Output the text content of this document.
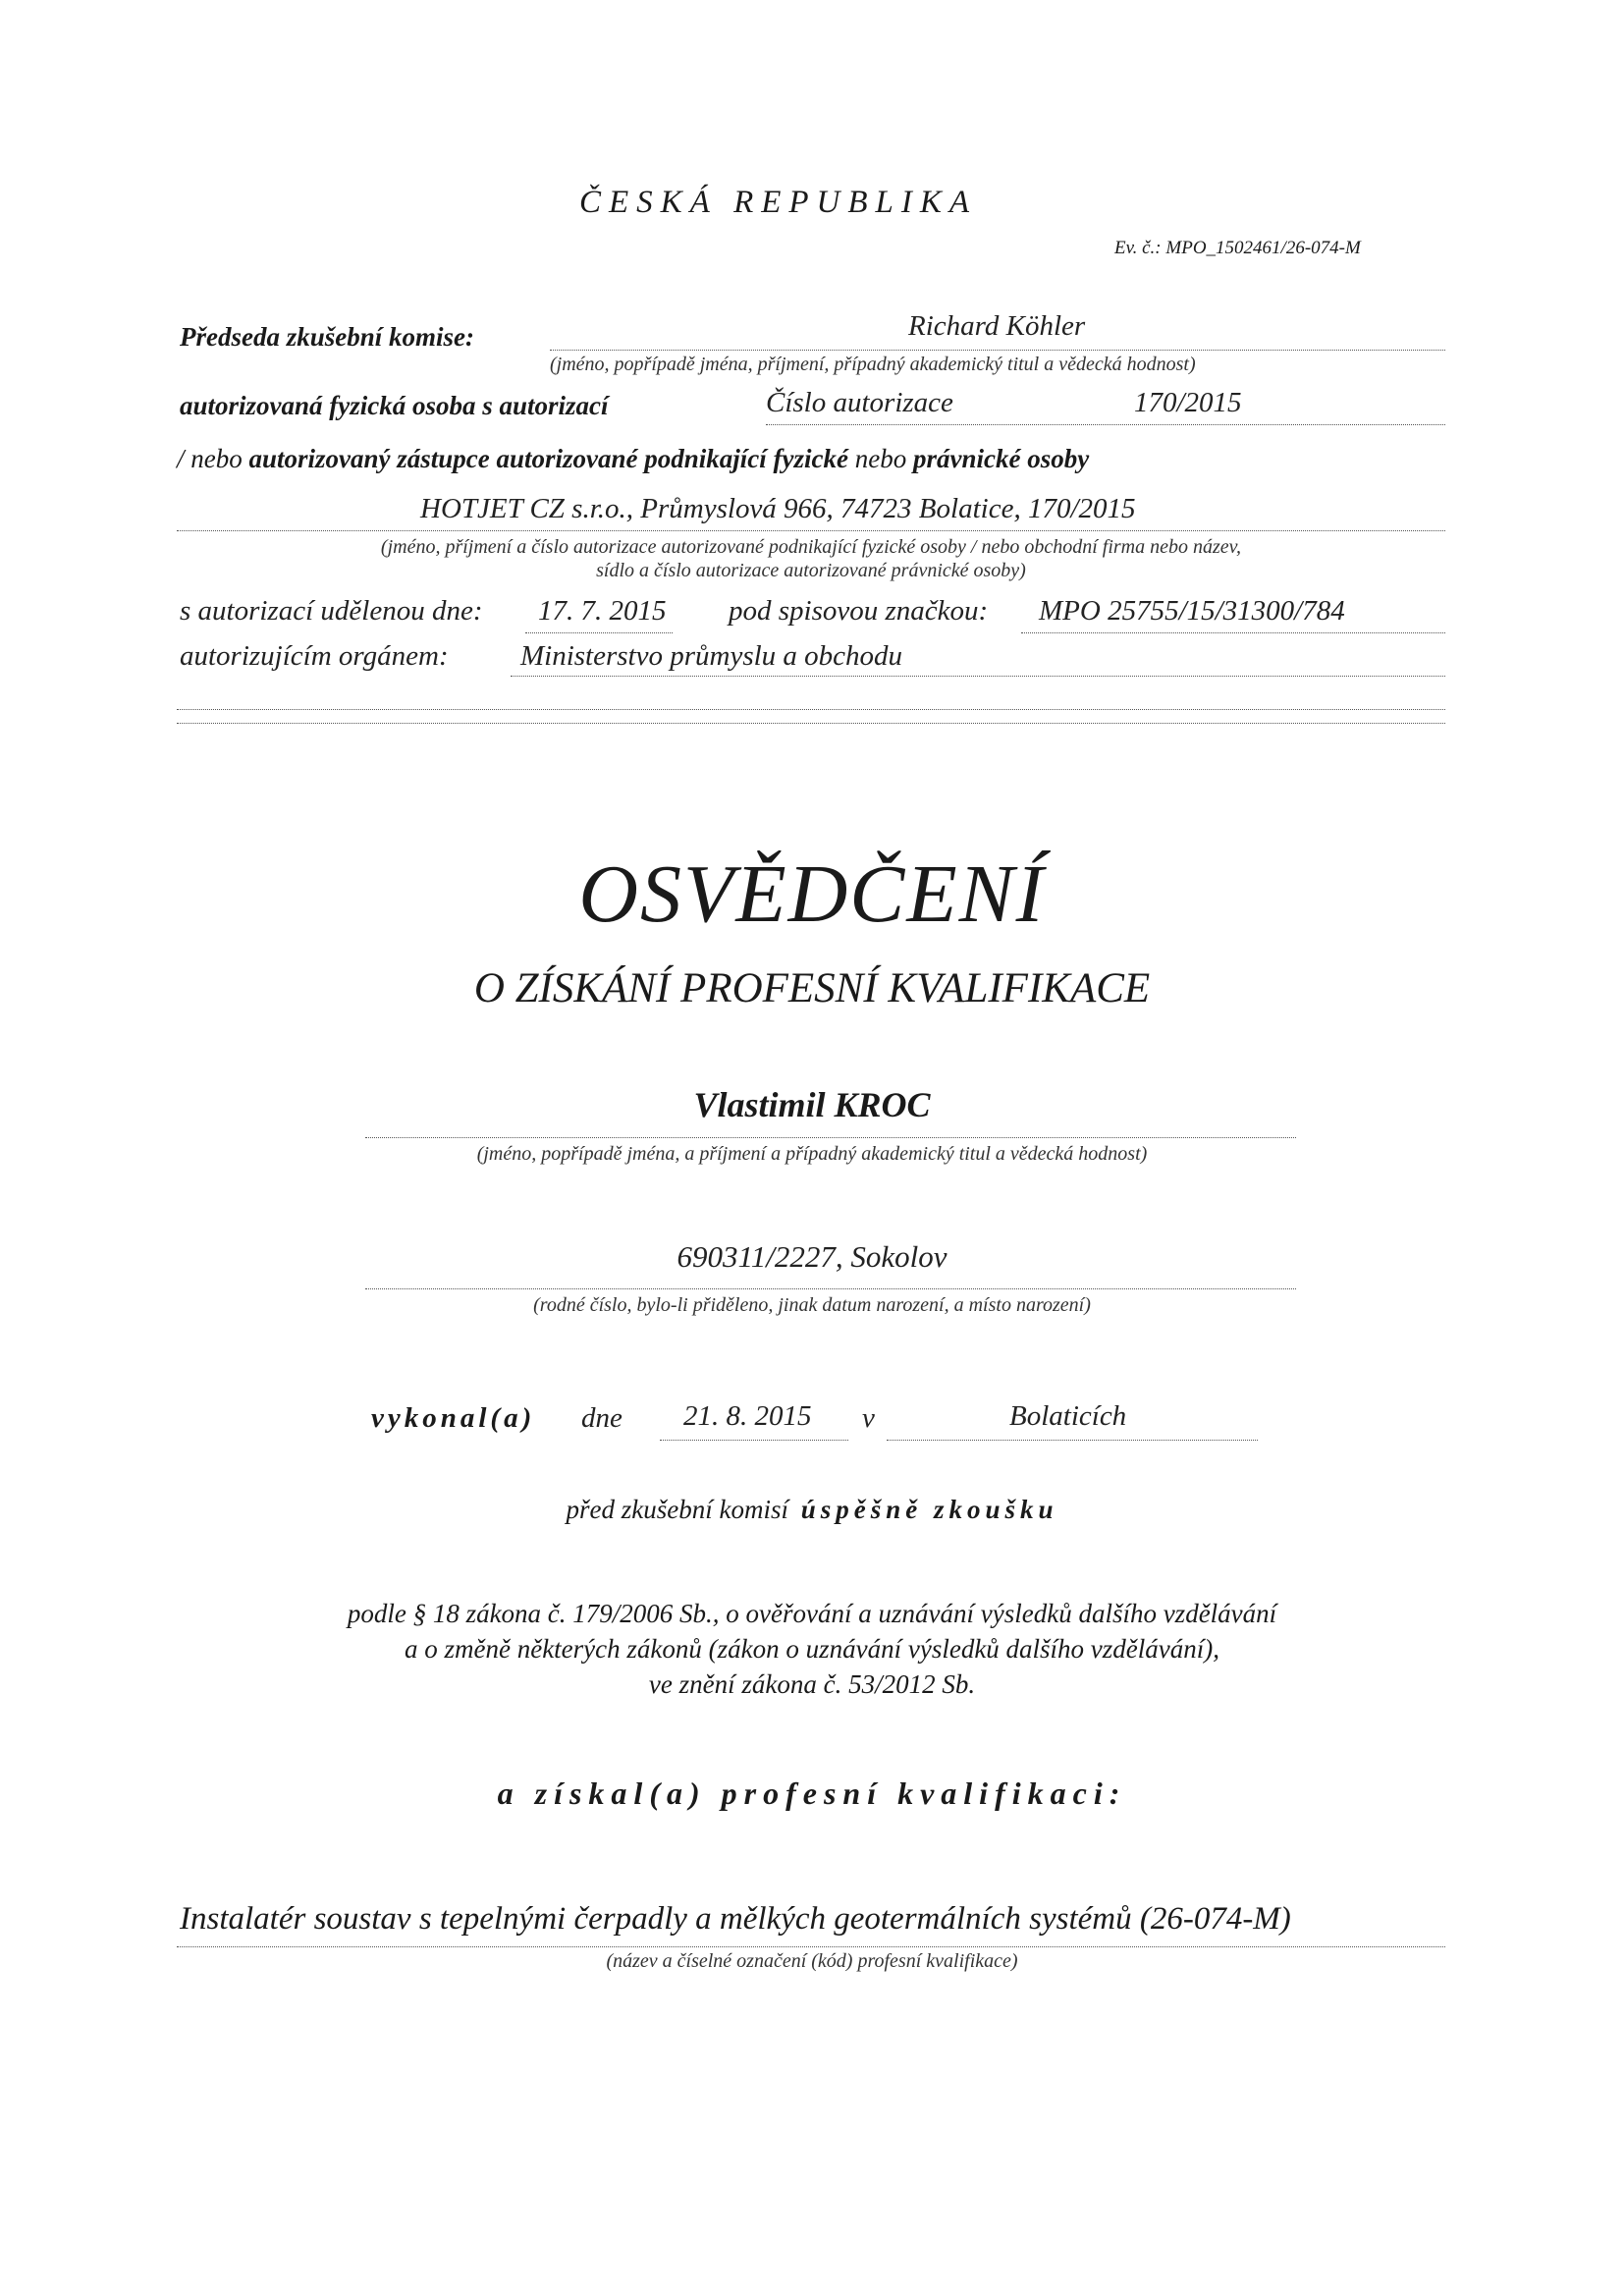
ČESKÁ REPUBLIKA
Ev. č.: MPO_1502461/26-074-M
Předseda zkušební komise:	Richard Köhler
(jméno, popřípadě jména, příjmení, případný akademický titul a vědecká hodnost)
autorizovaná fyzická osoba s autorizací	Číslo autorizace	170/2015
/ nebo autorizovaný zástupce autorizované podnikající fyzické nebo právnické osoby
HOTJET CZ s.r.o., Průmyslová 966, 74723 Bolatice, 170/2015
(jméno, příjmení a číslo autorizace autorizované podnikající fyzické osoby / nebo obchodní firma nebo název,
sídlo a číslo autorizace autorizované právnické osoby)
s autorizací udělenou dne: 17. 7. 2015 pod spisovou značkou: MPO 25755/15/31300/784
autorizujícím orgánem:	Ministerstvo průmyslu a obchodu
OSVĚDČENÍ
O ZÍSKÁNÍ PROFESNÍ KVALIFIKACE
Vlastimil KROC
(jméno, popřípadě jména, a příjmení a případný akademický titul a vědecká hodnost)
690311/2227, Sokolov
(rodné číslo, bylo-li přiděleno, jinak datum narození, a místo narození)
vykonal(a) dne 21. 8. 2015 v	Bolaticích
před zkušební komisí úspěšně zkoušku
podle § 18 zákona č. 179/2006 Sb., o ověřování a uznávání výsledků dalšího vzdělávání
a o změně některých zákonů (zákon o uznávání výsledků dalšího vzdělávání),
ve znění zákona č. 53/2012 Sb.
a získal(a) profesní kvalifikaci:
Instalatér soustav s tepelnými čerpadly a mělkých geotermálních systémů (26-074-M)
(název a číselné označení (kód) profesní kvalifikace)
